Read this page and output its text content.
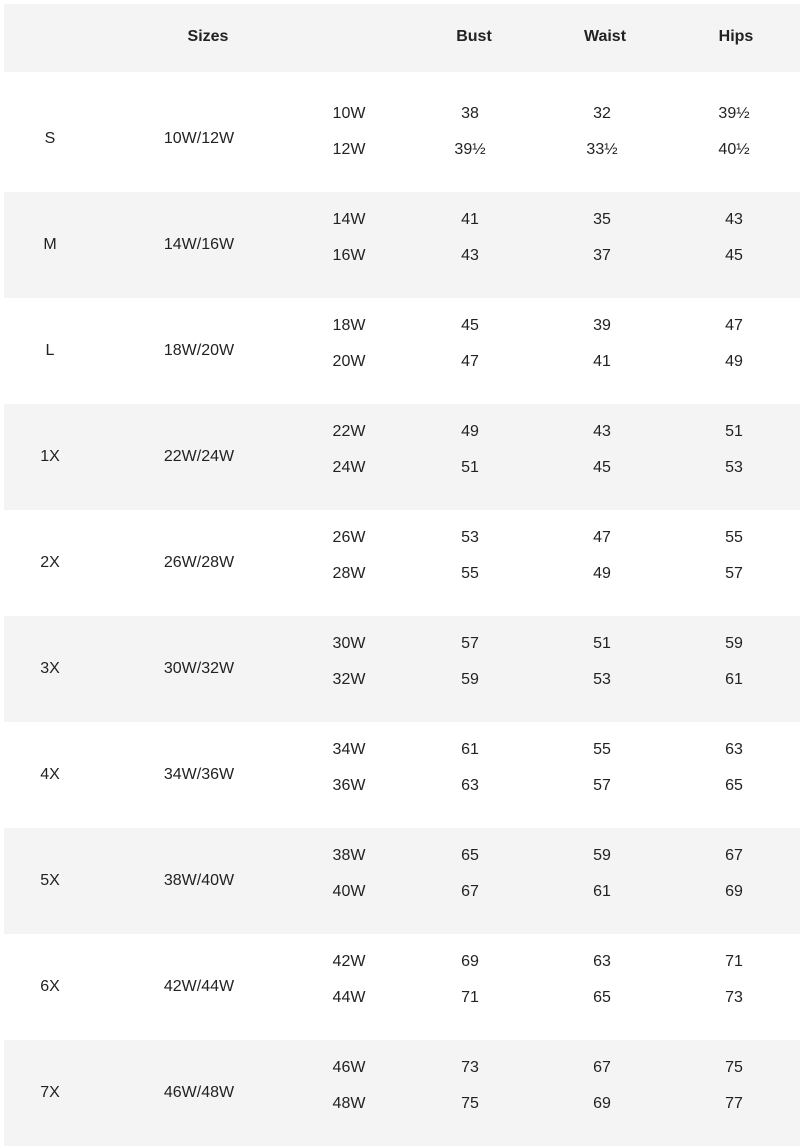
Sizes	Bust	Waist	Hips
S	10W/12W
10W	38	32	39½
12W	39½	33½	40½
M	14W/16W
14W	41	35	43
16W	43	37	45
L	18W/20W
18W	45	39	47
20W	47	41	49
1X	22W/24W
22W	49	43	51
24W	51	45	53
2X	26W/28W
26W	53	47	55
28W	55	49	57
3X	30W/32W
30W	57	51	59
32W	59	53	61
4X	34W/36W
34W	61	55	63
36W	63	57	65
5X	38W/40W
38W	65	59	67
40W	67	61	69
6X	42W/44W
42W	69	63	71
44W	71	65	73
7X	46W/48W
46W	73	67	75
48W	75	69	77
